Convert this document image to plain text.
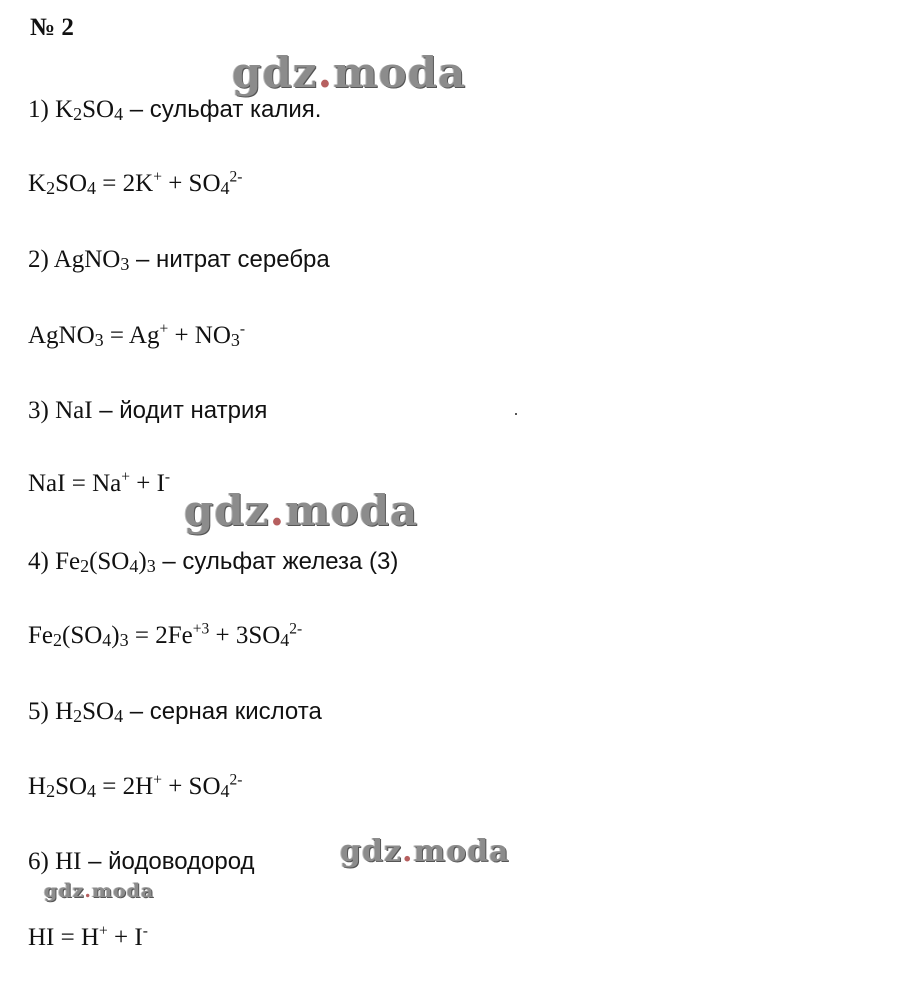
№ 2
gdz.moda
gdz.moda
gdz.moda
gdz.moda
1) $K_2SO_4$ – сульфат калия.
$K_2SO_4 = 2K^+ + SO_4^{2-}$
2) AgNO$_3$ – нитрат серебра
AgNO$_3$ = $Ag^+ + NO_3^-$
3) NaI – йодит натрия
NaI = Na+ + I-
4) $Fe_2(SO_4)_3$ – сульфат железа (3)
$Fe_2(SO_4)_3 = 2Fe^{+3} + 3SO_4^{2-}$
5) $H_2SO_4$ – серная кислота
$H_2SO_4 = 2H^+ + SO_4^{2-}$
6) HI – йодоводород
HI = H+ + I-
